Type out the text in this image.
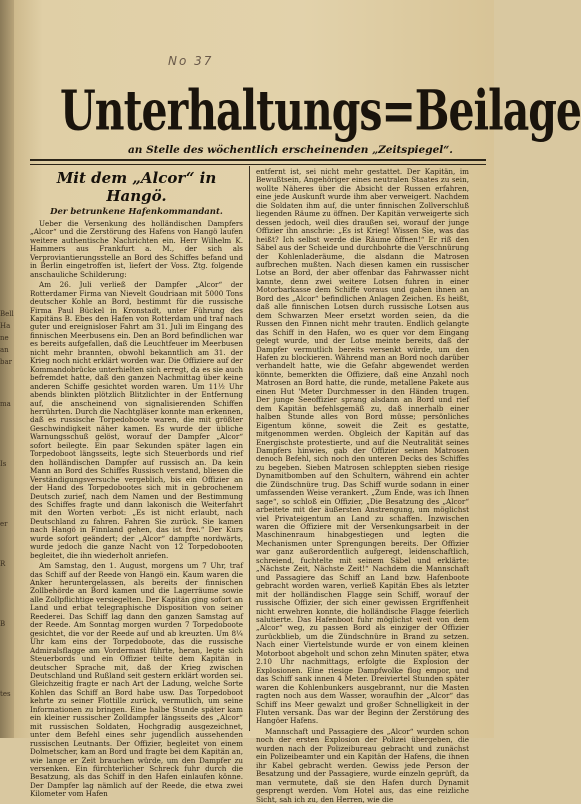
Bell
Ha
ne
an
bar
ma
Is
er
R
B
tes
No 37
Unterhaltungs=Beilage
an Stelle des wöchentlich erscheinenden „Zeitspiegel“.
Mit dem „Alcor“ in Hangö.
Der betrunkene Hafenkommandant.

Ueber die Versenkung des holländischen Dampfers „Alcor“ und die Zerstörung des Hafens von Hangö laufen weitere authentische Nachrichten ein. Herr Wilhelm K. Hammers aus Frankfurt a. M., der sich als Verproviantierungsstelle an Bord des Schiffes befand und in Berlin eingetroffen ist, liefert der Voss. Ztg. folgende anschauliche Schilderung:

Am 26. Juli verließ der Dampfer „Alcor“ der Rotterdamer Firma van Nievelt Goudriaan mit 5000 Tons deutscher Kohle an Bord, bestimmt für die russische Firma Paul Bückel in Kronstadt, unter Führung des Kapitäns B. Ebes den Hafen von Rotterdam und traf nach guter und ereignisloser Fahrt am 31. Juli im Eingang des finnischen Meerbusens ein. Den an Bord befindlichen war es bereits aufgefallen, daß die Leuchtfeuer im Meerbusen nicht mehr brannten, obwohl bekanntlich am 31. der Krieg noch nicht erklärt worden war. Die Offiziere auf der Kommandobrücke unterhielten sich erregt, da es sie auch befremdet hatte, daß den ganzen Nachmittag über keine anderen Schiffe gesichtet worden waren. Um 11½ Uhr abends blinkten plötzlich Blitzlichter in der Entfernung auf, die anscheinend von signalisierenden Schiffen herrührten. Durch die Nachtgläser konnte man erkennen, daß es russische Torpedoboote waren, die mit größter Geschwindigkeit näher kamen. Es wurde der übliche Warnungsschuß gelöst, worauf der Dampfer „Alcor“ sofort beilegte. Ein paar Sekunden später lagen ein Torpedoboot längsseits, legte sich Steuerbords und rief den holländischen Dampfer auf russisch an. Da kein Mann an Bord des Schiffes Russisch verstand, bliesen die Verständigungsversuche vergeblich, bis ein Offizier an der Hand des Torpedobootes sich mit in gebrochenem Deutsch zurief, nach dem Namen und der Bestimmung des Schiffes fragte und dann lakonisch die Weiterfahrt mit den Worten verbot: „Es ist nicht erlaubt, nach Deutschland zu fahren. Fahren Sie zurück. Sie kamen nach Hangö in Finnland gehen, das ist frei.“ Der Kurs wurde sofort geändert; der „Alcor“ dampfte nordwärts, wurde jedoch die ganze Nacht von 12 Torpedobooten begleitet, die ihn wiederholt anriefen.

Am Samstag, den 1. August, morgens um 7 Uhr, traf das Schiff auf der Reede von Hangö ein. Kaum waren die Anker heruntergelassen, als bereits der finnischen Zollbehörde an Bord kamen und die Lagerräume sowie alle Zollpflichtige versiegelten. Der Kapitän ging sofort an Land und erbat telegraphische Disposition von seiner Reederei. Das Schiff lag dann den ganzen Samstag auf der Reede. Am Sonntag morgen wurden 7 Torpedoboote gesichtet, die vor der Reede auf und ab kreuzten. Um 8¼ Uhr kam eins der Torpedoboote, das die russische Admiralsflagge am Vordermast führte, heran, legte sich Steuerbords und ein Offizier teilte dem Kapitän in deutscher Sprache mit, daß der Krieg zwischen Deutschland und Rußland seit gestern erklärt worden sei. Gleichzeitig fragte er nach Art der Ladung, welche Sorte Kohlen das Schiff an Bord habe usw. Das Torpedoboot kehrte zu seiner Flottille zurück, vermutlich, um seine Informationen zu bringen. Eine halbe Stunde später kam ein kleiner russischer Zolldampfer längsseits des „Alcor“ mit russischen Soldaten, Hochgradig ausgezeichnet, unter dem Befehl eines sehr jugendlich aussehenden russischen Leutnants. Der Offizier, begleitet von einem Dolmetscher, kam an Bord und fragte bei dem Kapitän an, wie lange er Zeit brauchen würde, um den Dampfer zu versenken. Ein fürchterlicher Schreck fuhr durch die Besatzung, als das Schiff in den Hafen einlaufen könne. Der Dampfer lag nämlich auf der Reede, die etwa zwei Kilometer vom Hafen

entfernt ist, sei nicht mehr gestattet. Der Kapitän, im Bewußtsein, Angehöriger eines neutralen Staates zu sein, wollte Näheres über die Absicht der Russen erfahren, eine jede Auskunft wurde ihm aber verweigert. Nachdem die Soldaten ihm auf, die unter finnischen Zollverschluß liegenden Räume zu öffnen. Der Kapitän verweigerte sich dessen jedoch, weil dies draußen sei, worauf der junge Offizier ihn anschrie: „Es ist Krieg! Wissen Sie, was das heißt? Ich selbst werde die Räume öffnen!“ Er riß den Säbel aus der Scheide und durchbohrte die Verschnürung der Kohlenladeräume, die alsdann die Matrosen aufbrechen mußten. Nach diesen kamen ein russischer Lotse an Bord, der aber offenbar das Fahrwasser nicht kannte, denn zwei weitere Lotsen fuhren in einer Motorbarkasse dem Schiffe voraus und gaben ihnen an Bord des „Alcor“ befindlichen Anlagen Zeichen. Es heißt, daß alle finnischen Lotsen durch russische Lotsen aus dem Schwarzen Meer ersetzt worden seien, da die Russen den Finnen nicht mehr trauten. Endlich gelangte das Schiff in den Hafen, wo es quer vor dem Eingang gelegt wurde, und der Lotse meinte bereits, daß der Dampfer vermutlich bereits versenkt würde, um den Hafen zu blockieren. Während man an Bord noch darüber verhandelt hatte, wie die Gefahr abgewendet werden könnte, bemerkten die Offiziere, daß eine Anzahl noch Matrosen an Bord hatte, die runde, metallene Pakete aus einen Hut 'Meter Durchmesser in den Händen trugen. Der junge Seeoffizier sprang alsdann an Bord und rief dem Kapitän befehlsgemäß zu, daß innerhalb einer halben Stunde alles von Bord müsse; persönliches Eigentum könne, soweit die Zeit es gestatte, mitgenommen werden. Obgleich der Kapitän auf das Energischste protestierte, und auf die Neutralität seines Dampfers hinwies, gab der Offizier seinen Matrosen denoch Befehl, sich noch den unteren Decks des Schiffes zu begeben. Sieben Matrosen schleppten sieben riesige Dynamitbomben auf den Schultern, während ein achter die Zündschnüre trug. Das Schiff wurde sodann in einer umfassenden Weise verankert. „Zum Ende, was ich Ihnen sage“, so schloß ein Offizier, „Die Besatzung des „Alcor“ arbeitete mit der äußersten Anstrengung, um möglichst viel Privateigentum an Land zu schaffen. Inzwischen waren die Offiziere mit der Versenkungsarbeit in der Maschinenraum hinabgestiegen und legten die Mechanismen unter Sprengungen bereits. Der Offizier war ganz außerordentlich aufgeregt, leidenschaftlich, schreiend, fuchtelte mit seinem Säbel und erklärte: „Nächste Zeit, Nächste Zeit!“ Nachdem die Mannschaft und Passagiere das Schiff an Land bzw. Hafenboote gebracht worden waren, verließ Kapitän Ebes als letzter mit der holländischen Flagge sein Schiff, worauf der russische Offizier, der sich einer gewissen Ergriffenheit nicht erwehren konnte, die holländische Flagge feierlich salutierte. Das Hafenboot fuhr möglichst weit von dem „Alcor“ weg, zu passen Bord als einziger der Offizier zurückblieb, um die Zündschnüre in Brand zu setzen. Nach einer Viertelstunde wurde er von einem kleinen Motorboot abgeholt und schon zehn Minuten später, etwa 2.10 Uhr nachmittags, erfolgte die Explosion der Explosionen. Eine riesige Dampfwolke flog empor, und das Schiff sank innen 4 Meter. Dreiviertel Stunden später waren die Kohlenbunkers ausgebrannt, nur die Masten ragten noch aus dem Wasser, woraufhin der „Alcor“ das Schiff ins Meer gewalzt und großer Schnelligkeit in der Fluten versank. Das war der Beginn der Zerstörung des Hangöer Hafens.

Mannschaft und Passagiere des „Alcor“ wurden schon noch der ersten Explosion der Polizei übergeben, die wurden nach der Polizeibureau gebracht und zunächst ein Polizeibeamter und ein Kapitän der Hafens, die ihnen ihr Kabel gebracht werden. Gewiss jede Person der Besatzung und der Passagiere, wurde einzeln geprüft, da man vermutete, daß sie den Hafen durch Dynamit gesprengt werden. Vom Hotel aus, das eine reizliche Sicht, sah ich zu, den Herren, wie die
